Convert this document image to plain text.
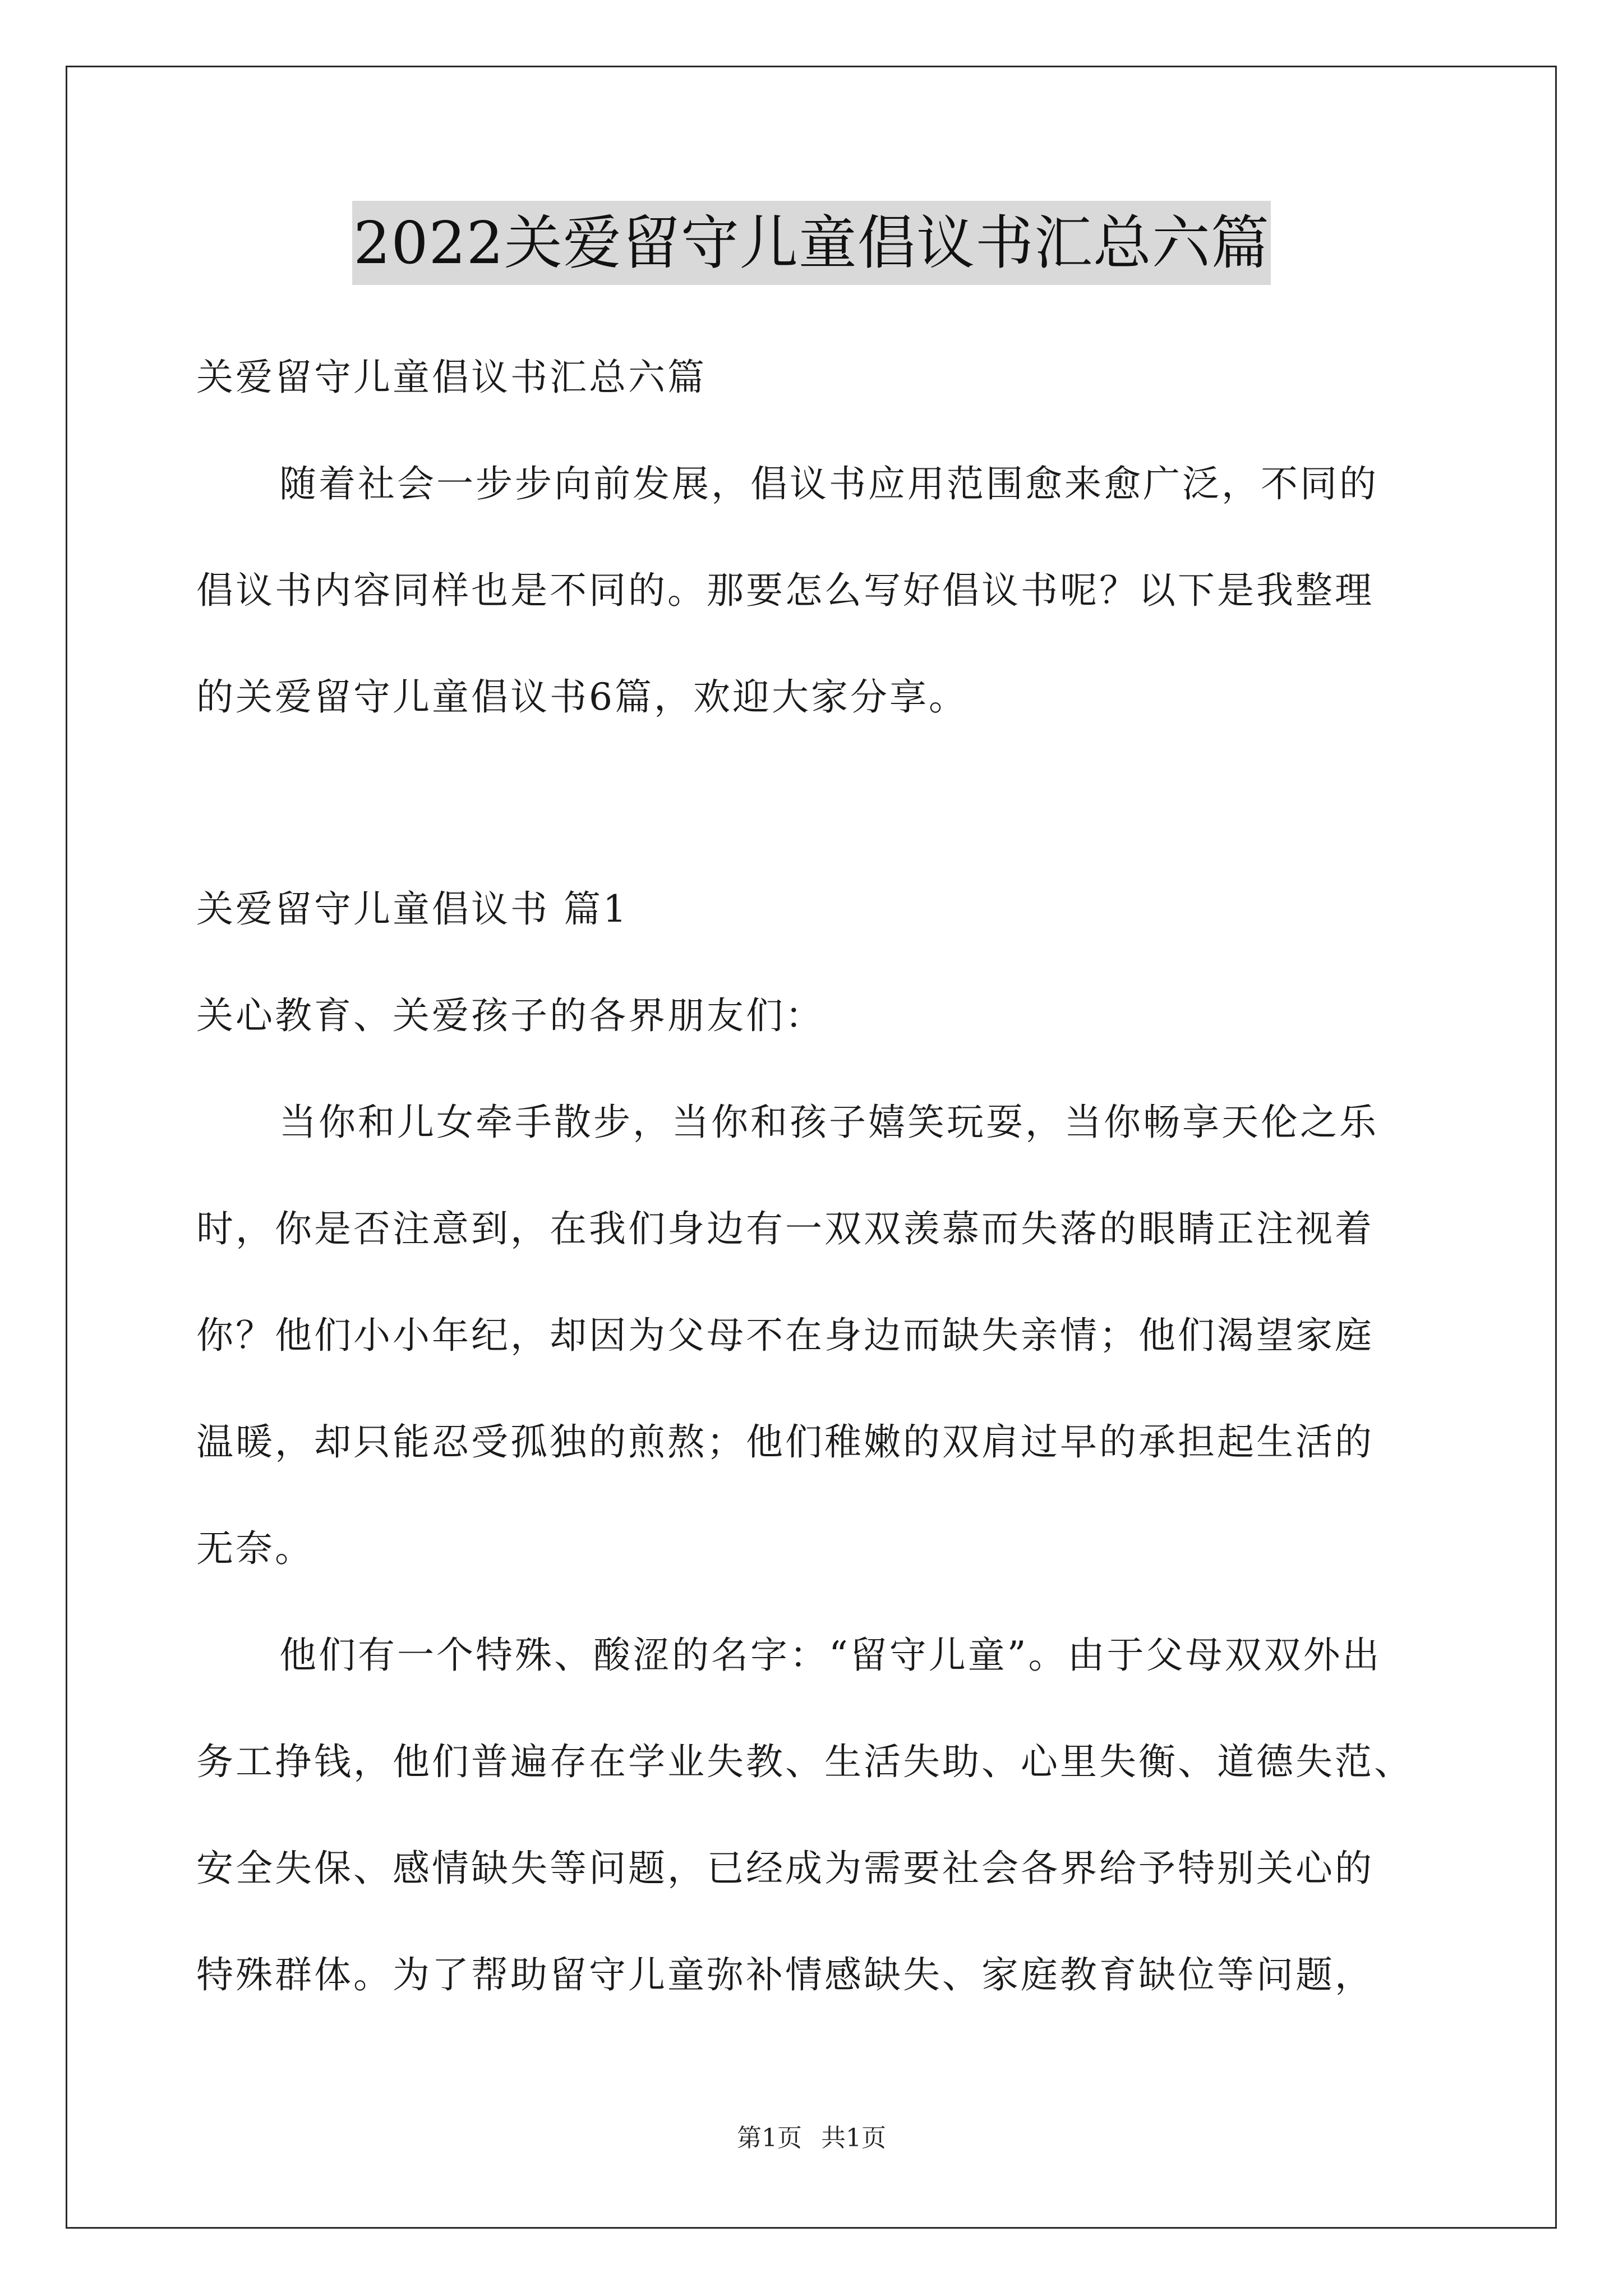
2022关爱留守儿童倡议书汇总六篇
关爱留守儿童倡议书汇总六篇
随着社会一步步向前发展，倡议书应用范围愈来愈广泛，不同的
倡议书内容同样也是不同的。那要怎么写好倡议书呢？以下是我整理
的关爱留守儿童倡议书6篇，欢迎大家分享。
关爱留守儿童倡议书 篇1
关心教育、关爱孩子的各界朋友们：
当你和儿女牵手散步，当你和孩子嬉笑玩耍，当你畅享天伦之乐
时，你是否注意到，在我们身边有一双双羡慕而失落的眼睛正注视着
你？他们小小年纪，却因为父母不在身边而缺失亲情；他们渴望家庭
温暖，却只能忍受孤独的煎熬；他们稚嫩的双肩过早的承担起生活的
无奈。
他们有一个特殊、酸涩的名字：“留守儿童”。由于父母双双外出
务工挣钱，他们普遍存在学业失教、生活失助、心里失衡、道德失范、
安全失保、感情缺失等问题，已经成为需要社会各界给予特别关心的
特殊群体。为了帮助留守儿童弥补情感缺失、家庭教育缺位等问题，
第1页 共1页
